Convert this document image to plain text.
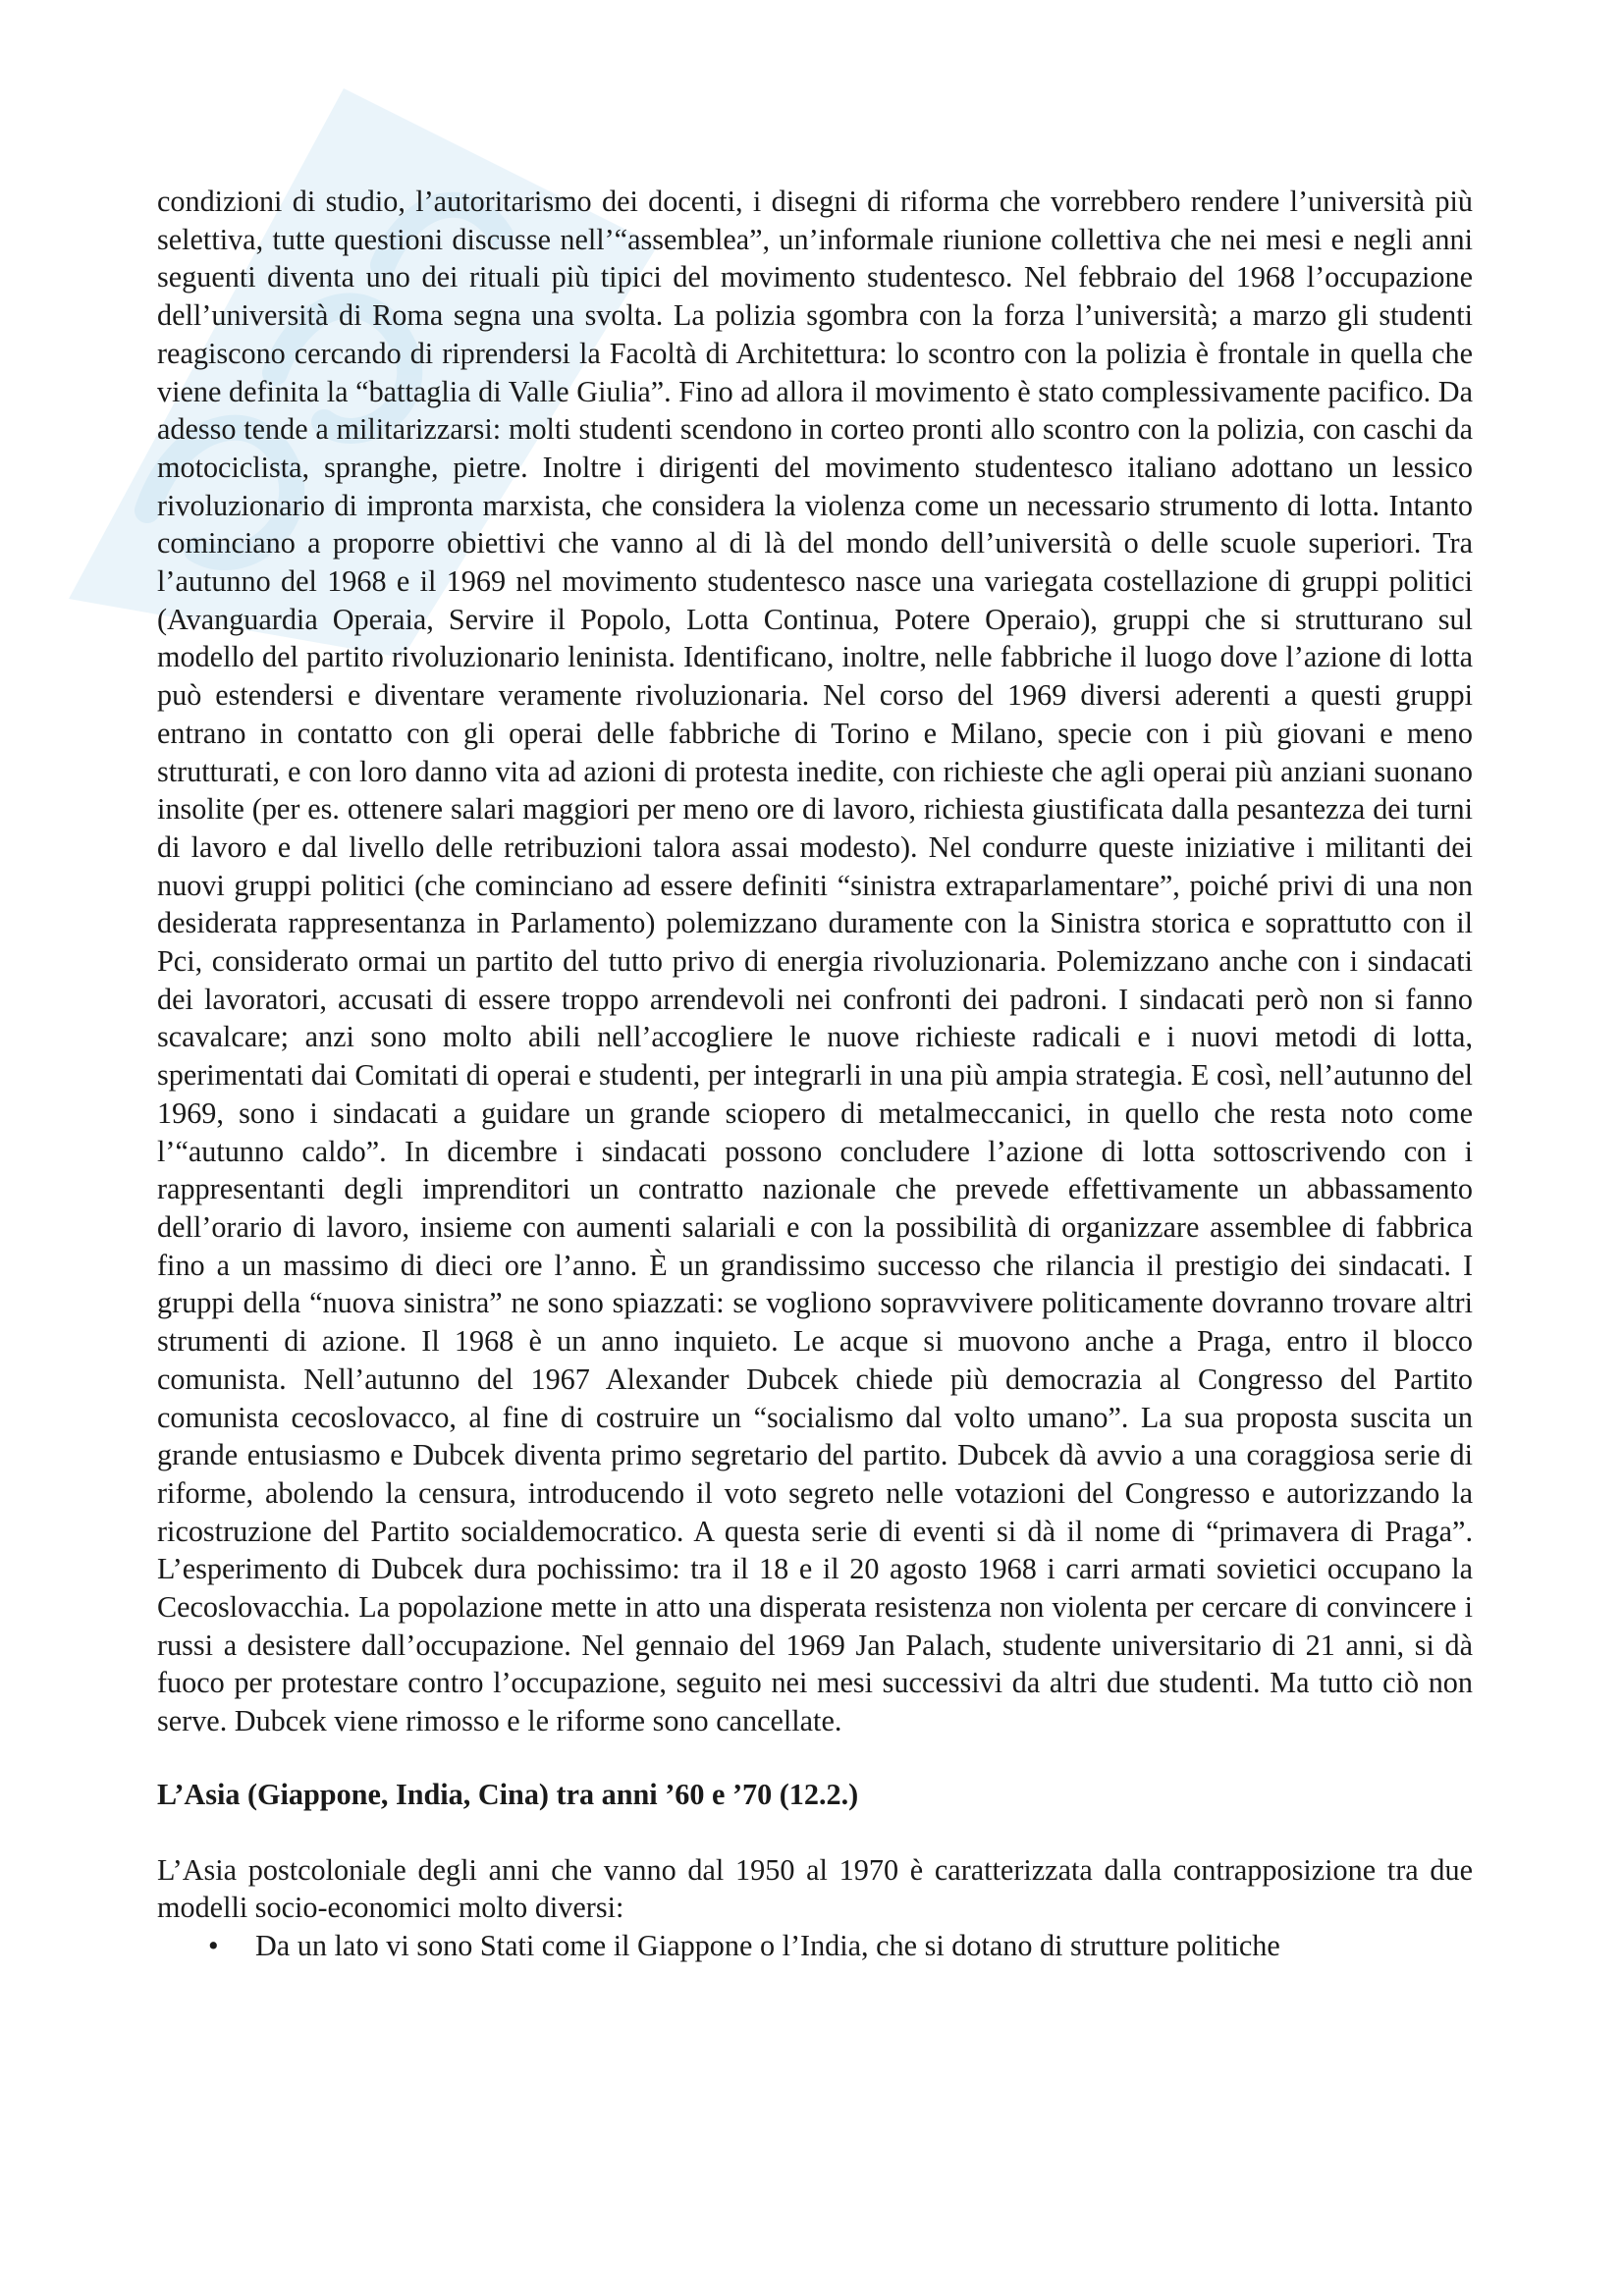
condizioni di studio, l’autoritarismo dei docenti, i disegni di riforma che vorrebbero rendere l’università più selettiva, tutte questioni discusse nell’“assemblea”, un’informale riunione collettiva che nei mesi e negli anni seguenti diventa uno dei rituali più tipici del movimento studentesco. Nel febbraio del 1968 l’occupazione dell’università di Roma segna una svolta. La polizia sgombra con la forza l’università; a marzo gli studenti reagiscono cercando di riprendersi la Facoltà di Architettura: lo scontro con la polizia è frontale in quella che viene definita la “battaglia di Valle Giulia”. Fino ad allora il movimento è stato complessivamente pacifico. Da adesso tende a militarizzarsi: molti studenti scendono in corteo pronti allo scontro con la polizia, con caschi da motociclista, spranghe, pietre. Inoltre i dirigenti del movimento studentesco italiano adottano un lessico rivoluzionario di impronta marxista, che considera la violenza come un necessario strumento di lotta. Intanto cominciano a proporre obiettivi che vanno al di là del mondo dell’università o delle scuole superiori. Tra l’autunno del 1968 e il 1969 nel movimento studentesco nasce una variegata costellazione di gruppi politici (Avanguardia Operaia, Servire il Popolo, Lotta Continua, Potere Operaio), gruppi che si strutturano sul modello del partito rivoluzionario leninista. Identificano, inoltre, nelle fabbriche il luogo dove l’azione di lotta può estendersi e diventare veramente rivoluzionaria. Nel corso del 1969 diversi aderenti a questi gruppi entrano in contatto con gli operai delle fabbriche di Torino e Milano, specie con i più giovani e meno strutturati, e con loro danno vita ad azioni di protesta inedite, con richieste che agli operai più anziani suonano insolite (per es. ottenere salari maggiori per meno ore di lavoro, richiesta giustificata dalla pesantezza dei turni di lavoro e dal livello delle retribuzioni talora assai modesto). Nel condurre queste iniziative i militanti dei nuovi gruppi politici (che cominciano ad essere definiti “sinistra extraparlamentare”, poiché privi di una non desiderata rappresentanza in Parlamento) polemizzano duramente con la Sinistra storica e soprattutto con il Pci, considerato ormai un partito del tutto privo di energia rivoluzionaria. Polemizzano anche con i sindacati dei lavoratori, accusati di essere troppo arrendevoli nei confronti dei padroni. I sindacati però non si fanno scavalcare; anzi sono molto abili nell’accogliere le nuove richieste radicali e i nuovi metodi di lotta, sperimentati dai Comitati di operai e studenti, per integrarli in una più ampia strategia. E così, nell’autunno del 1969, sono i sindacati a guidare un grande sciopero di metalmeccanici, in quello che resta noto come l’“autunno caldo”. In dicembre i sindacati possono concludere l’azione di lotta sottoscrivendo con i rappresentanti degli imprenditori un contratto nazionale che prevede effettivamente un abbassamento dell’orario di lavoro, insieme con aumenti salariali e con la possibilità di organizzare assemblee di fabbrica fino a un massimo di dieci ore l’anno. È un grandissimo successo che rilancia il prestigio dei sindacati. I gruppi della “nuova sinistra” ne sono spiazzati: se vogliono sopravvivere politicamente dovranno trovare altri strumenti di azione. Il 1968 è un anno inquieto. Le acque si muovono anche a Praga, entro il blocco comunista. Nell’autunno del 1967 Alexander Dubcek chiede più democrazia al Congresso del Partito comunista cecoslovacco, al fine di costruire un “socialismo dal volto umano”. La sua proposta suscita un grande entusiasmo e Dubcek diventa primo segretario del partito. Dubcek dà avvio a una coraggiosa serie di riforme, abolendo la censura, introducendo il voto segreto nelle votazioni del Congresso e autorizzando la ricostruzione del Partito socialdemocratico. A questa serie di eventi si dà il nome di “primavera di Praga”. L’esperimento di Dubcek dura pochissimo: tra il 18 e il 20 agosto 1968 i carri armati sovietici occupano la Cecoslovacchia. La popolazione mette in atto una disperata resistenza non violenta per cercare di convincere i russi a desistere dall’occupazione. Nel gennaio del 1969 Jan Palach, studente universitario di 21 anni, si dà fuoco per protestare contro l’occupazione, seguito nei mesi successivi da altri due studenti. Ma tutto ciò non serve. Dubcek viene rimosso e le riforme sono cancellate.

L’Asia (Giappone, India, Cina) tra anni ’60 e ’70 (12.2.)

L’Asia postcoloniale degli anni che vanno dal 1950 al 1970 è caratterizzata dalla contrapposizione tra due modelli socio-economici molto diversi:

• Da un lato vi sono Stati come il Giappone o l’India, che si dotano di strutture politiche
